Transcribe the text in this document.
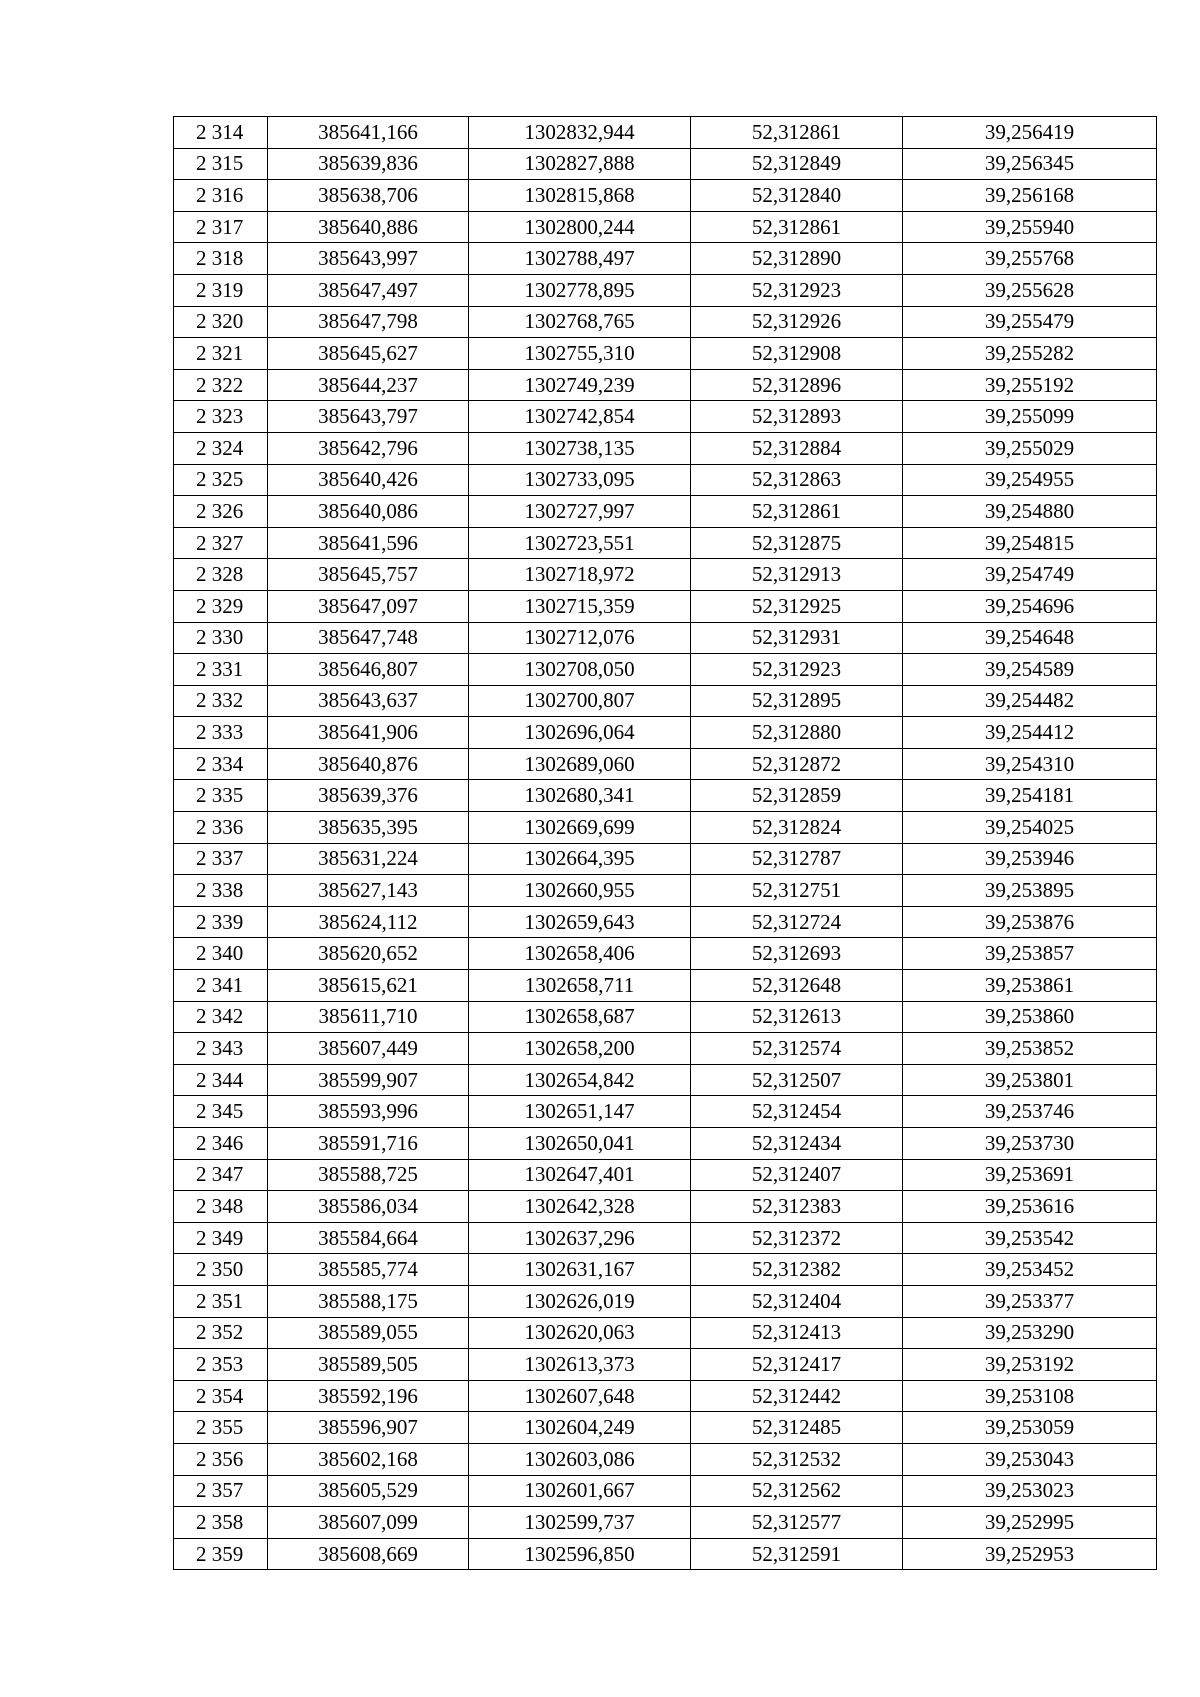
2 314	385641,166	1302832,944	52,312861	39,256419
2 315	385639,836	1302827,888	52,312849	39,256345
2 316	385638,706	1302815,868	52,312840	39,256168
2 317	385640,886	1302800,244	52,312861	39,255940
2 318	385643,997	1302788,497	52,312890	39,255768
2 319	385647,497	1302778,895	52,312923	39,255628
2 320	385647,798	1302768,765	52,312926	39,255479
2 321	385645,627	1302755,310	52,312908	39,255282
2 322	385644,237	1302749,239	52,312896	39,255192
2 323	385643,797	1302742,854	52,312893	39,255099
2 324	385642,796	1302738,135	52,312884	39,255029
2 325	385640,426	1302733,095	52,312863	39,254955
2 326	385640,086	1302727,997	52,312861	39,254880
2 327	385641,596	1302723,551	52,312875	39,254815
2 328	385645,757	1302718,972	52,312913	39,254749
2 329	385647,097	1302715,359	52,312925	39,254696
2 330	385647,748	1302712,076	52,312931	39,254648
2 331	385646,807	1302708,050	52,312923	39,254589
2 332	385643,637	1302700,807	52,312895	39,254482
2 333	385641,906	1302696,064	52,312880	39,254412
2 334	385640,876	1302689,060	52,312872	39,254310
2 335	385639,376	1302680,341	52,312859	39,254181
2 336	385635,395	1302669,699	52,312824	39,254025
2 337	385631,224	1302664,395	52,312787	39,253946
2 338	385627,143	1302660,955	52,312751	39,253895
2 339	385624,112	1302659,643	52,312724	39,253876
2 340	385620,652	1302658,406	52,312693	39,253857
2 341	385615,621	1302658,711	52,312648	39,253861
2 342	385611,710	1302658,687	52,312613	39,253860
2 343	385607,449	1302658,200	52,312574	39,253852
2 344	385599,907	1302654,842	52,312507	39,253801
2 345	385593,996	1302651,147	52,312454	39,253746
2 346	385591,716	1302650,041	52,312434	39,253730
2 347	385588,725	1302647,401	52,312407	39,253691
2 348	385586,034	1302642,328	52,312383	39,253616
2 349	385584,664	1302637,296	52,312372	39,253542
2 350	385585,774	1302631,167	52,312382	39,253452
2 351	385588,175	1302626,019	52,312404	39,253377
2 352	385589,055	1302620,063	52,312413	39,253290
2 353	385589,505	1302613,373	52,312417	39,253192
2 354	385592,196	1302607,648	52,312442	39,253108
2 355	385596,907	1302604,249	52,312485	39,253059
2 356	385602,168	1302603,086	52,312532	39,253043
2 357	385605,529	1302601,667	52,312562	39,253023
2 358	385607,099	1302599,737	52,312577	39,252995
2 359	385608,669	1302596,850	52,312591	39,252953
